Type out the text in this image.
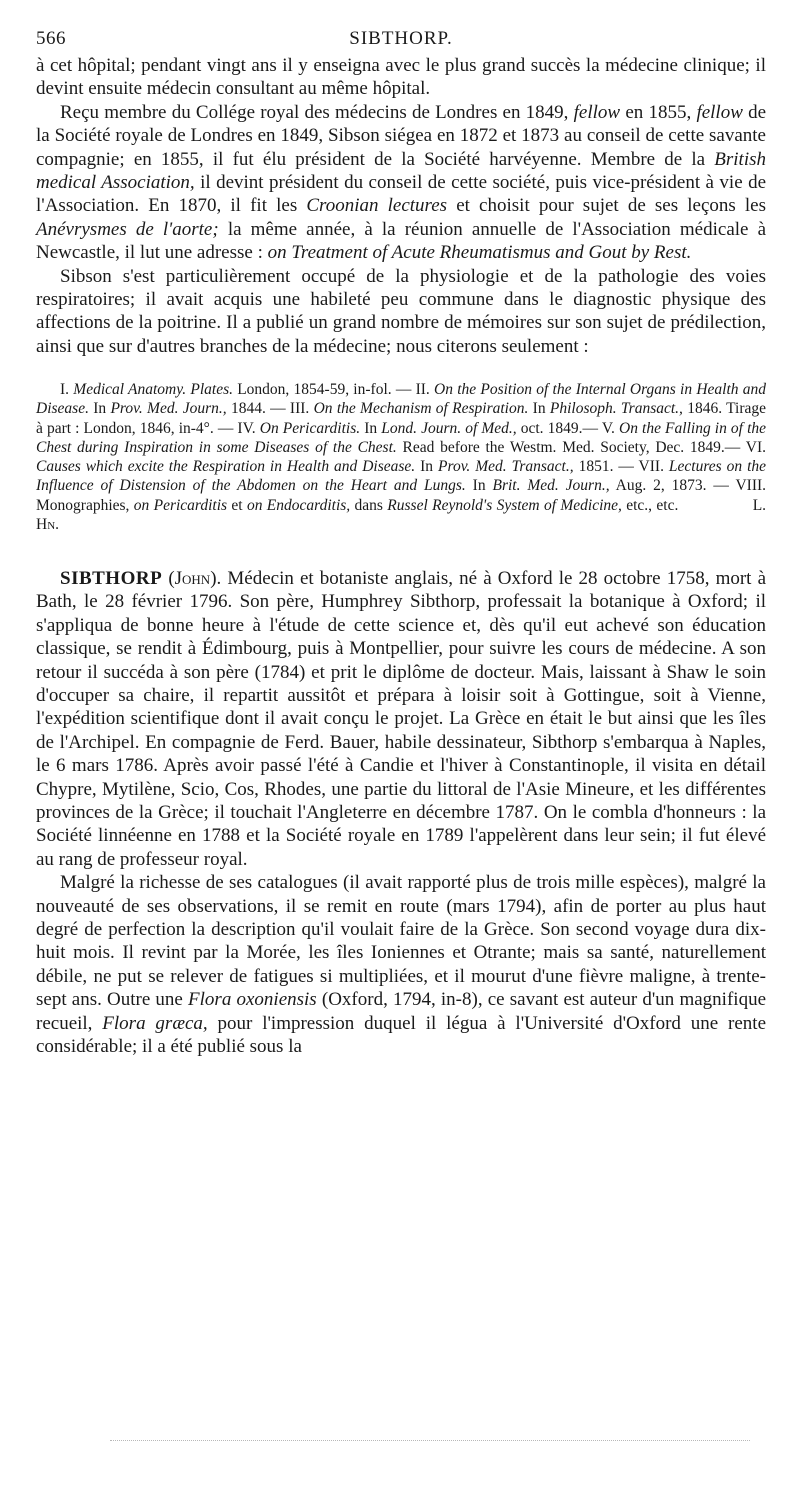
566	SIBTHORP.

à cet hôpital; pendant vingt ans il y enseigna avec le plus grand succès la médecine clinique; il devint ensuite médecin consultant au même hôpital.

Reçu membre du Collége royal des médecins de Londres en 1849, fellow en 1855, fellow de la Société royale de Londres en 1849, Sibson siégea en 1872 et 1873 au conseil de cette savante compagnie; en 1855, il fut élu président de la Société harvéyenne. Membre de la British medical Association, il devint président du conseil de cette société, puis vice-président à vie de l'Association. En 1870, il fit les Croonian lectures et choisit pour sujet de ses leçons les Anévrysmes de l'aorte; la même année, à la réunion annuelle de l'Association médicale à Newcastle, il lut une adresse : on Treatment of Acute Rheumatismus and Gout by Rest.

Sibson s'est particulièrement occupé de la physiologie et de la pathologie des voies respiratoires; il avait acquis une habileté peu commune dans le diagnostic physique des affections de la poitrine. Il a publié un grand nombre de mémoires sur son sujet de prédilection, ainsi que sur d'autres branches de la médecine; nous citerons seulement :

I. Medical Anatomy. Plates. London, 1854-59, in-fol. — II. On the Position of the Internal Organs in Health and Disease. In Prov. Med. Journ., 1844. — III. On the Mechanism of Respiration. In Philosoph. Transact., 1846. Tirage à part : London, 1846, in-4°. — IV. On Pericarditis. In Lond. Journ. of Med., oct. 1849.— V. On the Falling in of the Chest during Inspiration in some Diseases of the Chest. Read before the Westm. Med. Society, Dec. 1849.— VI. Causes which excite the Respiration in Health and Disease. In Prov. Med. Transact., 1851. — VII. Lectures on the Influence of Distension of the Abdomen on the Heart and Lungs. In Brit. Med. Journ., Aug. 2, 1873. — VIII. Monographies, on Pericarditis et on Endocarditis, dans Russel Reynold's System of Medicine, etc., etc.	L. Hn.

SIBTHORP (John). Médecin et botaniste anglais, né à Oxford le 28 octobre 1758, mort à Bath, le 28 février 1796. Son père, Humphrey Sibthorp, professait la botanique à Oxford; il s'appliqua de bonne heure à l'étude de cette science et, dès qu'il eut achevé son éducation classique, se rendit à Édimbourg, puis à Montpellier, pour suivre les cours de médecine. A son retour il succéda à son père (1784) et prit le diplôme de docteur. Mais, laissant à Shaw le soin d'occuper sa chaire, il repartit aussitôt et prépara à loisir soit à Gottingue, soit à Vienne, l'expédition scientifique dont il avait conçu le projet. La Grèce en était le but ainsi que les îles de l'Archipel. En compagnie de Ferd. Bauer, habile dessinateur, Sibthorp s'embarqua à Naples, le 6 mars 1786. Après avoir passé l'été à Candie et l'hiver à Constantinople, il visita en détail Chypre, Mytilène, Scio, Cos, Rhodes, une partie du littoral de l'Asie Mineure, et les différentes provinces de la Grèce; il touchait l'Angleterre en décembre 1787. On le combla d'honneurs : la Société linnéenne en 1788 et la Société royale en 1789 l'appelèrent dans leur sein; il fut élevé au rang de professeur royal.

Malgré la richesse de ses catalogues (il avait rapporté plus de trois mille espèces), malgré la nouveauté de ses observations, il se remit en route (mars 1794), afin de porter au plus haut degré de perfection la description qu'il voulait faire de la Grèce. Son second voyage dura dix-huit mois. Il revint par la Morée, les îles Ioniennes et Otrante; mais sa santé, naturellement débile, ne put se relever de fatigues si multipliées, et il mourut d'une fièvre maligne, à trente-sept ans. Outre une Flora oxoniensis (Oxford, 1794, in-8), ce savant est auteur d'un magnifique recueil, Flora græca, pour l'impression duquel il légua à l'Université d'Oxford une rente considérable; il a été publié sous la
